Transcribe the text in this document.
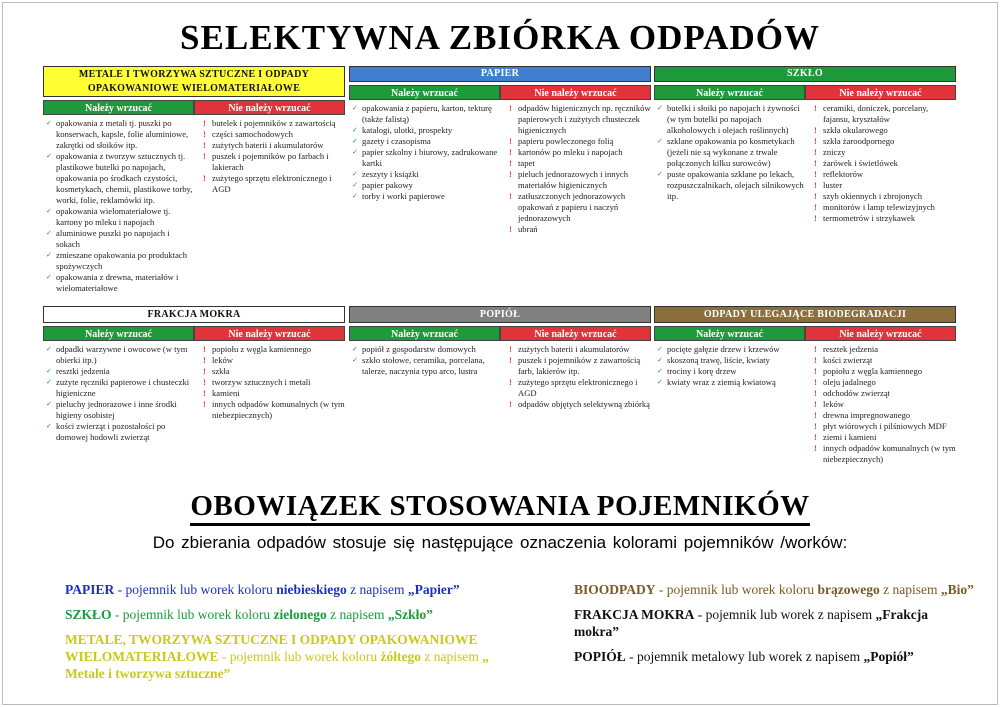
SELEKTYWNA ZBIÓRKA ODPADÓW
METALE I TWORZYWA SZTUCZNE I ODPADY OPAKOWANIOWE WIELOMATERIAŁOWE
Należy wrzucać	Nie należy wrzucać
✓ opakowania z metali tj. puszki po konserwach, kapsle, folie aluminiowe, zakrętki od słoików itp.
✓ opakowania z tworzyw sztucznych tj. plastikowe butelki po napojach, opakowania po środkach czystości, kosmetykach, chemii, plastikowe torby, worki, folie, reklamówki itp.
✓ opakowania wielomateriałowe tj. kartony po mleku i napojach
✓ aluminiowe puszki po napojach i sokach
✓ zmieszane opakowania po produktach spożywczych
✓ opakowania z drewna, materiałów i wielomateriałowe
! butelek i pojemników z zawartością
! części samochodowych
! zużytych baterii i akumulatorów
! puszek i pojemników po farbach i lakierach
! zużytego sprzętu elektronicznego i AGD
PAPIER
Należy wrzucać	Nie należy wrzucać
✓ opakowania z papieru, karton, tekturę (także falistą)
✓ katalogi, ulotki, prospekty
✓ gazety i czasopisma
✓ papier szkolny i biurowy, zadrukowane kartki
✓ zeszyty i książki
✓ papier pakowy
✓ torby i worki papierowe
! odpadów higienicznych np. ręczników papierowych i zużytych chusteczek higienicznych
! papieru powleczonego folią
! kartonów po mleku i napojach
! tapet
! pieluch jednorazowych i innych materiałów higienicznych
! zatłuszczonych jednorazowych opakowań z papieru i naczyń jednorazowych
! ubrań
SZKŁO
Należy wrzucać	Nie należy wrzucać
✓ butelki i słoiki po napojach i żywności (w tym butelki po napojach alkoholowych i olejach roślinnych)
✓ szklane opakowania po kosmetykach (jeżeli nie są wykonane z trwale połączonych kilku surowców)
✓ puste opakowania szklane po lekach, rozpuszczalnikach, olejach silnikowych itp.
! ceramiki, doniczek, porcelany, fajansu, kryształów
! szkła okularowego
! szkła żaroodpornego
! zniczy
! żarówek i świetlówek
! reflektorów
! luster
! szyb okiennych i zbrojonych
! monitorów i lamp telewizyjnych
! termometrów i strzykawek
FRAKCJA MOKRA
Należy wrzucać	Nie należy wrzucać
✓ odpadki warzywne i owocowe (w tym obierki itp.)
✓ resztki jedzenia
✓ zużyte ręczniki papierowe i chusteczki higieniczne
✓ pieluchy jednorazowe i inne środki higieny osobistej
✓ kości zwierząt i pozostałości po domowej hodowli zwierząt
! popiołu z węgla kamiennego
! leków
! szkła
! tworzyw sztucznych i metali
! kamieni
! innych odpadów komunalnych (w tym niebezpiecznych)
POPIÓŁ
Należy wrzucać	Nie należy wrzucać
✓ popiół z gospodarstw domowych
✓ szkło stołowe, ceramika, porcelana, talerze, naczynia typu arco, lustra
! zużytych baterii i akumulatorów
! puszek i pojemników z zawartością farb, lakierów itp.
! zużytego sprzętu elektronicznego i AGD
! odpadów objętych selektywną zbiórką
ODPADY ULEGAJĄCE BIODEGRADACJI
Należy wrzucać	Nie należy wrzucać
✓ pocięte gałęzie drzew i krzewów
✓ skoszoną trawę, liście, kwiaty
✓ trociny i korę drzew
✓ kwiaty wraz z ziemią kwiatową
! resztek jedzenia
! kości zwierząt
! popiołu z węgla kamiennego
! oleju jadalnego
! odchodów zwierząt
! leków
! drewna impregnowanego
! płyt wiórowych i pilśniowych MDF
! ziemi i kamieni
! innych odpadów komunalnych (w tym niebezpiecznych)
OBOWIĄZEK STOSOWANIA POJEMNIKÓW
Do zbierania odpadów stosuje się następujące oznaczenia kolorami pojemników /worków:
PAPIER - pojemnik lub worek koloru niebieskiego z napisem „Papier”
SZKŁO - pojemnik lub worek koloru zielonego z napisem „Szkło”
METALE, TWORZYWA SZTUCZNE I ODPADY OPAKOWANIOWE WIELOMATERIAŁOWE - pojemnik lub worek koloru żółtego z napisem „ Metale i tworzywa sztuczne”
BIOODPADY - pojemnik lub worek koloru brązowego z napisem „Bio”
FRAKCJA MOKRA - pojemnik lub worek z napisem „Frakcja mokra”
POPIÓŁ - pojemnik metalowy lub worek z napisem „Popiół”
